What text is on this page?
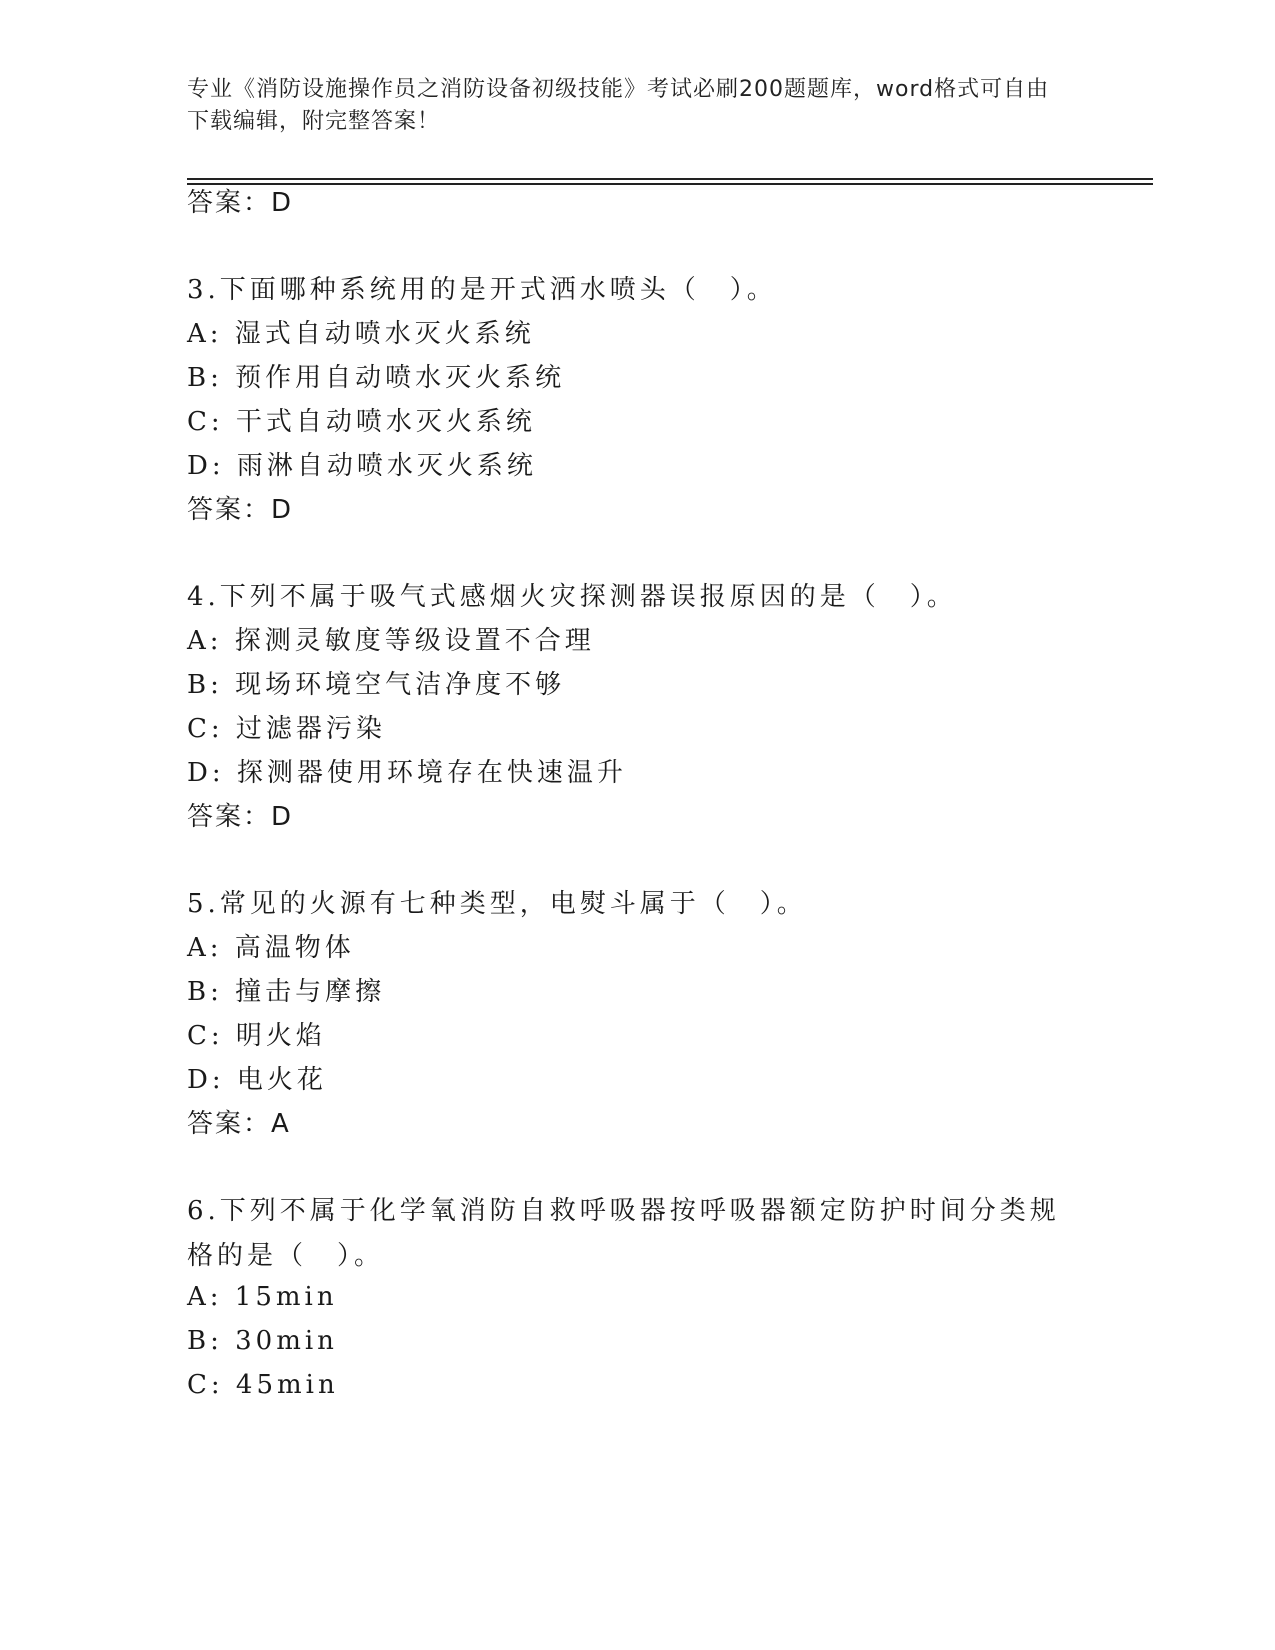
专业《消防设施操作员之消防设备初级技能》考试必刷200题题库，word格式可自由下载编辑，附完整答案！
答案：D
3.下面哪种系统用的是开式洒水喷头（　）。
A: 湿式自动喷水灭火系统
B: 预作用自动喷水灭火系统
C: 干式自动喷水灭火系统
D: 雨淋自动喷水灭火系统
答案：D
4.下列不属于吸气式感烟火灾探测器误报原因的是（　）。
A: 探测灵敏度等级设置不合理
B: 现场环境空气洁净度不够
C: 过滤器污染
D: 探测器使用环境存在快速温升
答案：D
5.常见的火源有七种类型，电熨斗属于（　）。
A: 高温物体
B: 撞击与摩擦
C: 明火焰
D: 电火花
答案：A
6.下列不属于化学氧消防自救呼吸器按呼吸器额定防护时间分类规格的是（　）。
A: 15min
B: 30min
C: 45min
